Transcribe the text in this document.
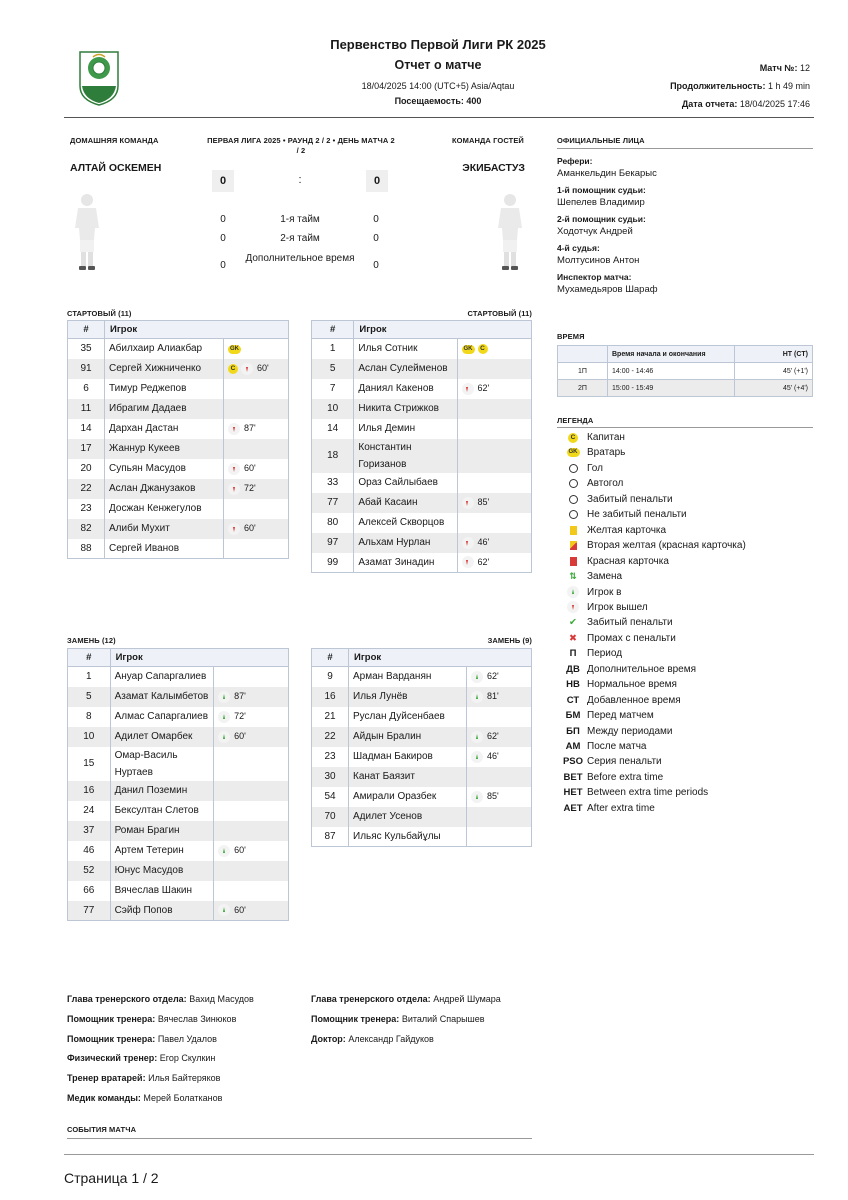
Первенство Первой Лиги РК 2025
Отчет о матче
18/04/2025 14:00 (UTC+5) Asia/Aqtau
Посещаемость: 400
Матч №: 12
Продолжительность: 1 h 49 min
Дата отчета: 18/04/2025 17:46
ДОМАШНЯЯ КОМАНДА	ПЕРВАЯ ЛИГА 2025 • РАУНД 2 / 2 • ДЕНЬ МАТЧА 2 / 2
КОМАНДА ГОСТЕЙ
АЛТАЙ ОСКЕМЕН	ЭКИБАСТУЗ
0	:	0
0	1-я тайм	0
0	2-я тайм	0
0
Дополнительное время
0
СТАРТОВЫЙ (11)	СТАРТОВЫЙ (11)
#	Игрок	
35	Абилхаир Алиакбар	GK
91	Сергей Хижниченко	C 60'
6	Тимур Реджепов	
11	Ибрагим Дадаев	
14	Дархан Дастан	87'
17	Жаннур Кукеев	
20	Супьян Масудов	60'
22	Аслан Джанузаков	72'
23	Досжан Кенжегулов	
82	Алиби Мухит	60'
88	Сергей Иванов	
#	Игрок	
1	Илья Сотник	GK C
5	Аслан Сулейменов	
7	Даниял Какенов	62'
10	Никита Стрижков	
14	Илья Демин	
18	Константин Горизанов	
33	Ораз Сайлыбаев	
77	Абай Касаин	85'
80	Алексей Скворцов	
97	Альхам Нурлан	46'
99	Азамат Зинадин	62'
ЗАМЕНЬ (12)	ЗАМЕНЬ (9)
#	Игрок	
1	Ануар Сапаргалиев	
5	Азамат Калымбетов	87'
8	Алмас Сапаргалиев	72'
10	Адилет Омарбек	60'
15	Омар-Василь Нуртаев	
16	Данил Поземин	
24	Бексултан Слетов	
37	Роман Брагин	
46	Артем Тетерин	60'
52	Юнус Масудов	
66	Вячеслав Шакин	
77	Сэйф Попов	60'
#	Игрок	
9	Арман Варданян	62'
16	Илья Лунёв	81'
21	Руслан Дуйсенбаев	
22	Айдын Бралин	62'
23	Шадман Бакиров	46'
30	Канат Баязит	
54	Амирали Оразбек	85'
70	Адилет Усенов	
87	Ильяс Кульбайұлы	
ОФИЦИАЛЬНЫЕ ЛИЦА
Рефери:
Аманкельдин Бекарыс
1-й помощник судьи:
Шепелев Владимир
2-й помощник судьи:
Ходотчук Андрей
4-й судья:
Молтусинов Антон
Инспектор матча:
Мухамедьяров Шараф
ВРЕМЯ
	Время начала и окончания	HT (CT)
1П	14:00 - 14:46	45' (+1')
2П	15:00 - 15:49	45' (+4')
ЛЕГЕНДА
C Капитан
GK Вратарь
Гол
Автогол
Забитый пенальти
Не забитый пенальти
Желтая карточка
Вторая желтая (красная карточка)
Красная карточка
⇅ Замена
Игрок в
Игрок вышел
✔ Забитый пенальти
✖ Промах с пенальти
П Период
ДВ Дополнительное время
НВ Нормальное время
СТ Добавленное время
БМ Перед матчем
БП Между периодами
АМ После матча
PSO Серия пенальти
BET Before extra time
HET Between extra time periods
AET After extra time
Глава тренерского отдела: Вахид Масудов
Помощник тренера: Вячеслав Зинюков
Помощник тренера: Павел Удалов
Физический тренер: Егор Скулкин
Тренер вратарей: Илья Байтеряков
Медик команды: Мерей Болатканов
Глава тренерского отдела: Андрей Шумара
Помощник тренера: Виталий Спарышев
Доктор: Александр Гайдуков
СОБЫТИЯ МАТЧА
Страница 1 / 2
